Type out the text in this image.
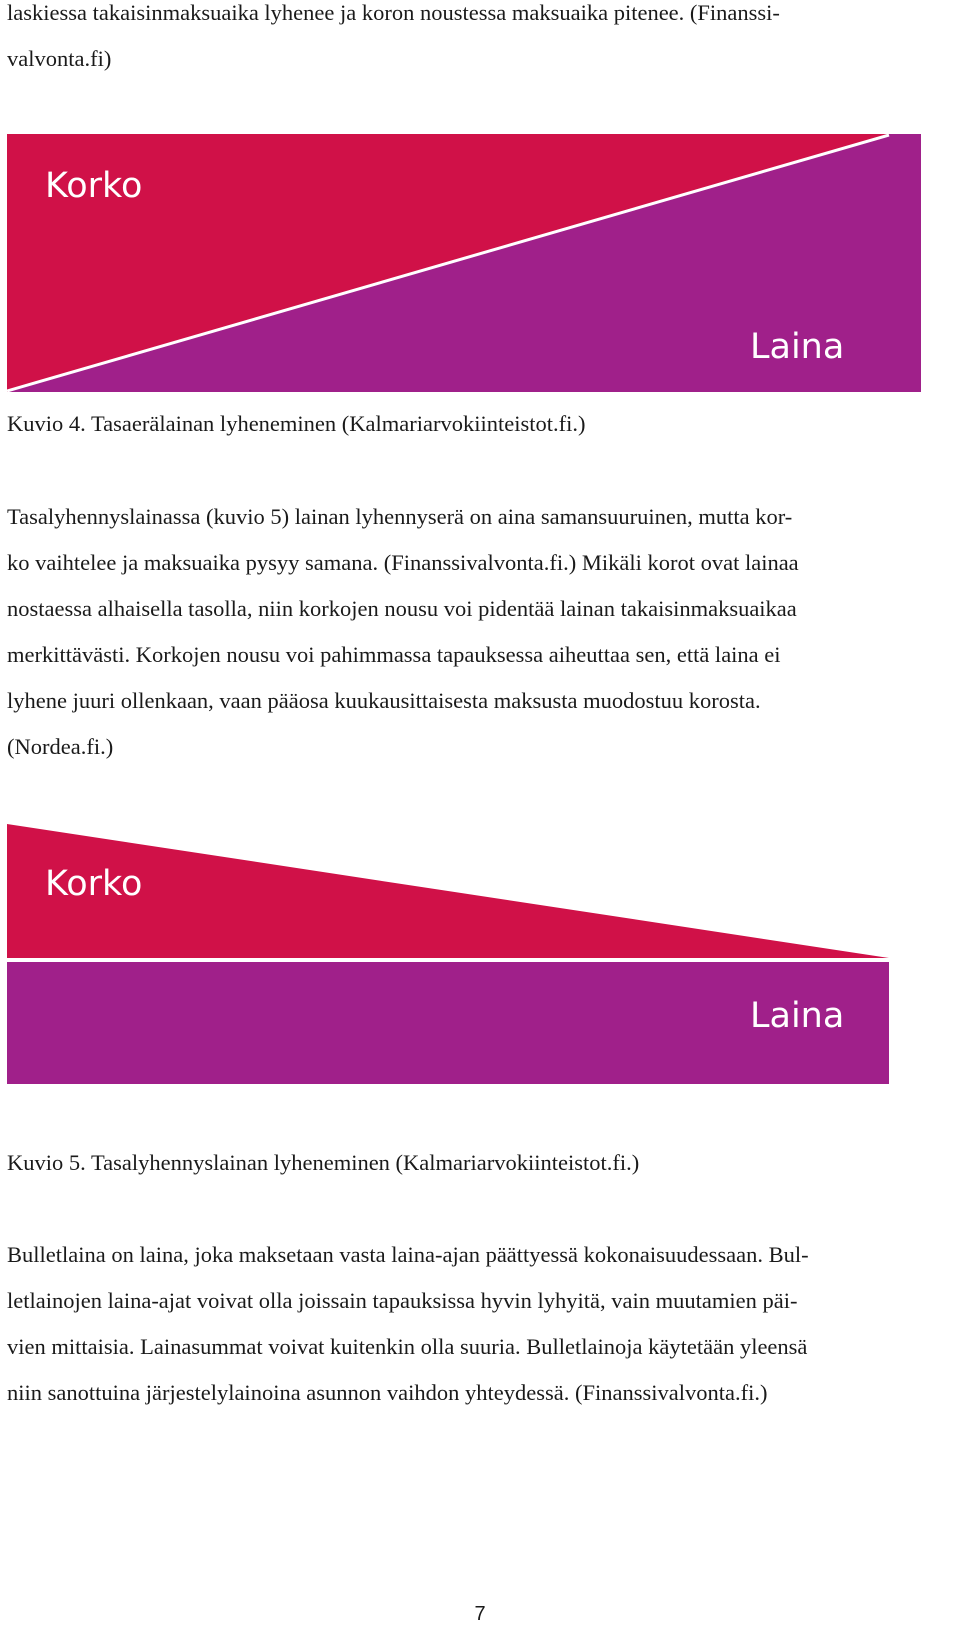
laskiessa takaisinmaksuaika lyhenee ja koron noustessa maksuaika pitenee. (Finanssi-
valvonta.fi)
Korko
Laina
Kuvio 4. Tasaerälainan lyheneminen (Kalmariarvokiinteistot.fi.)
Tasalyhennyslainassa (kuvio 5) lainan lyhennyserä on aina samansuuruinen, mutta kor-
ko vaihtelee ja maksuaika pysyy samana. (Finanssivalvonta.fi.) Mikäli korot ovat lainaa
nostaessa alhaisella tasolla, niin korkojen nousu voi pidentää lainan takaisinmaksuaikaa
merkittävästi. Korkojen nousu voi pahimmassa tapauksessa aiheuttaa sen, että laina ei
lyhene juuri ollenkaan, vaan pääosa kuukausittaisesta maksusta muodostuu korosta.
(Nordea.fi.)
Korko
Laina
Kuvio 5. Tasalyhennyslainan lyheneminen (Kalmariarvokiinteistot.fi.)
Bulletlaina on laina, joka maksetaan vasta laina-ajan päättyessä kokonaisuudessaan. Bul-
letlainojen laina-ajat voivat olla joissain tapauksissa hyvin lyhyitä, vain muutamien päi-
vien mittaisia. Lainasummat voivat kuitenkin olla suuria. Bulletlainoja käytetään yleensä
niin sanottuina järjestelylainoina asunnon vaihdon yhteydessä. (Finanssivalvonta.fi.)
7
